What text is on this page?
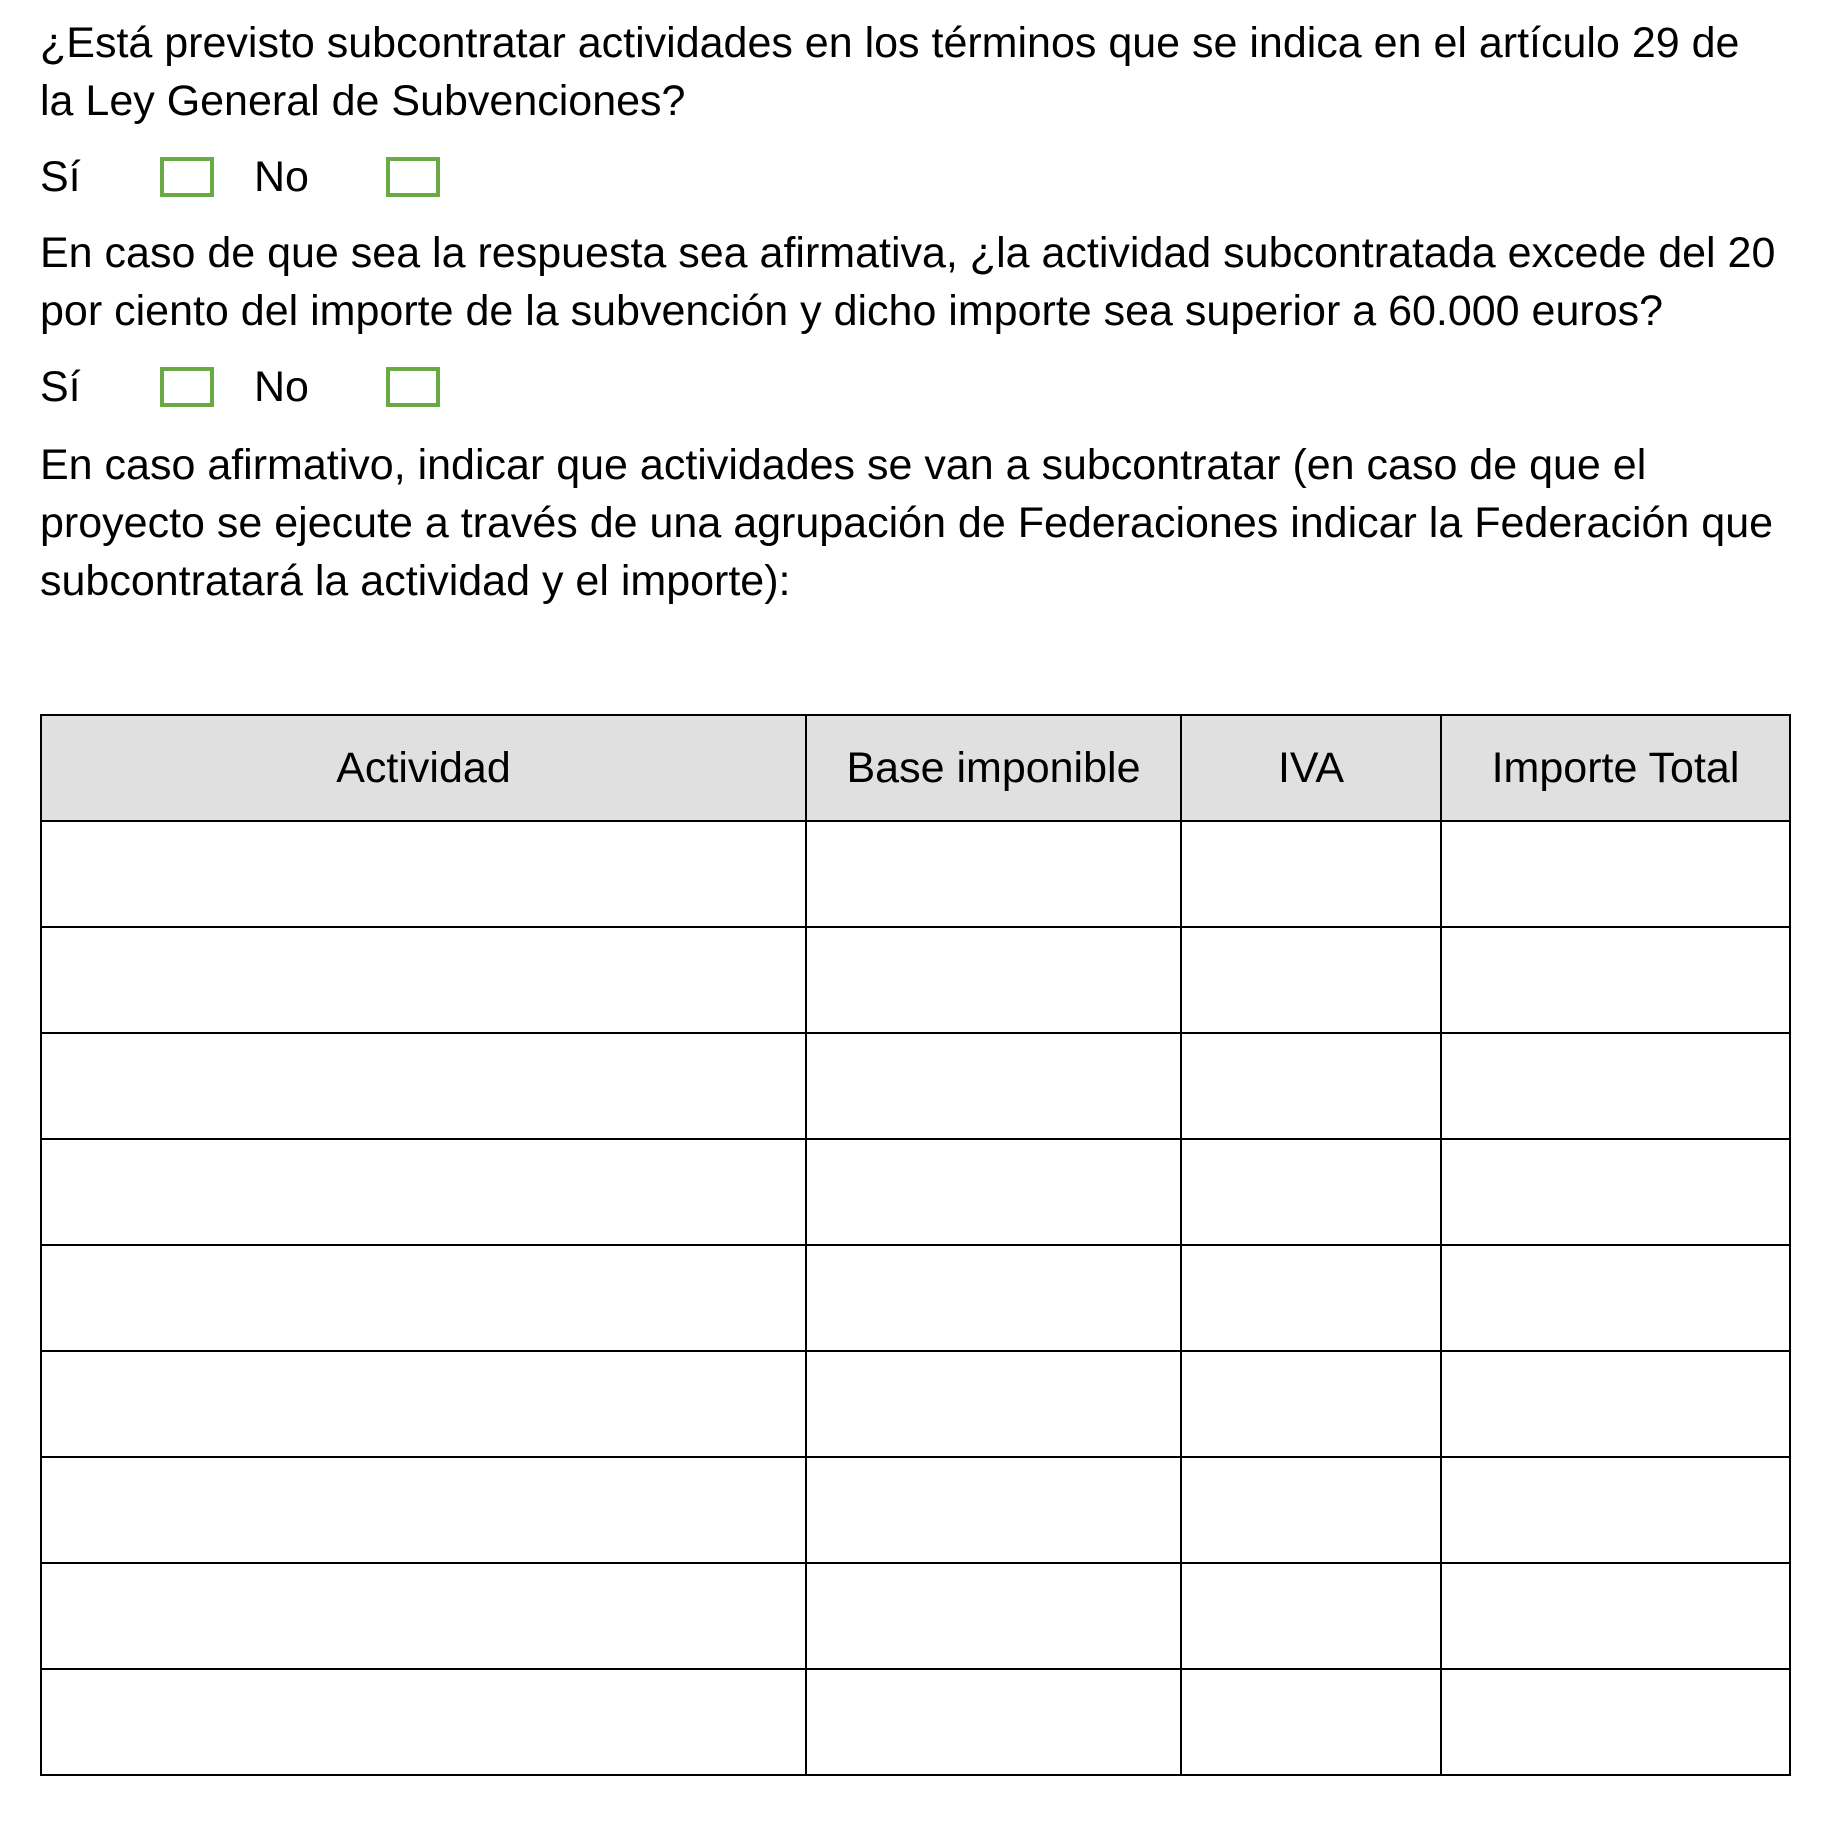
¿Está previsto subcontratar actividades en los términos que se indica en el artículo 29 de la Ley General de Subvenciones?

Sí	No

En caso de que sea la respuesta sea afirmativa, ¿la actividad subcontratada excede del 20 por ciento del importe de la subvención y dicho importe sea superior a 60.000 euros?

Sí	No

En caso afirmativo, indicar que actividades se van a subcontratar (en caso de que el proyecto se ejecute a través de una agrupación de Federaciones indicar la Federación que subcontratará la actividad y el importe):

Actividad	Base imponible	IVA	Importe Total
